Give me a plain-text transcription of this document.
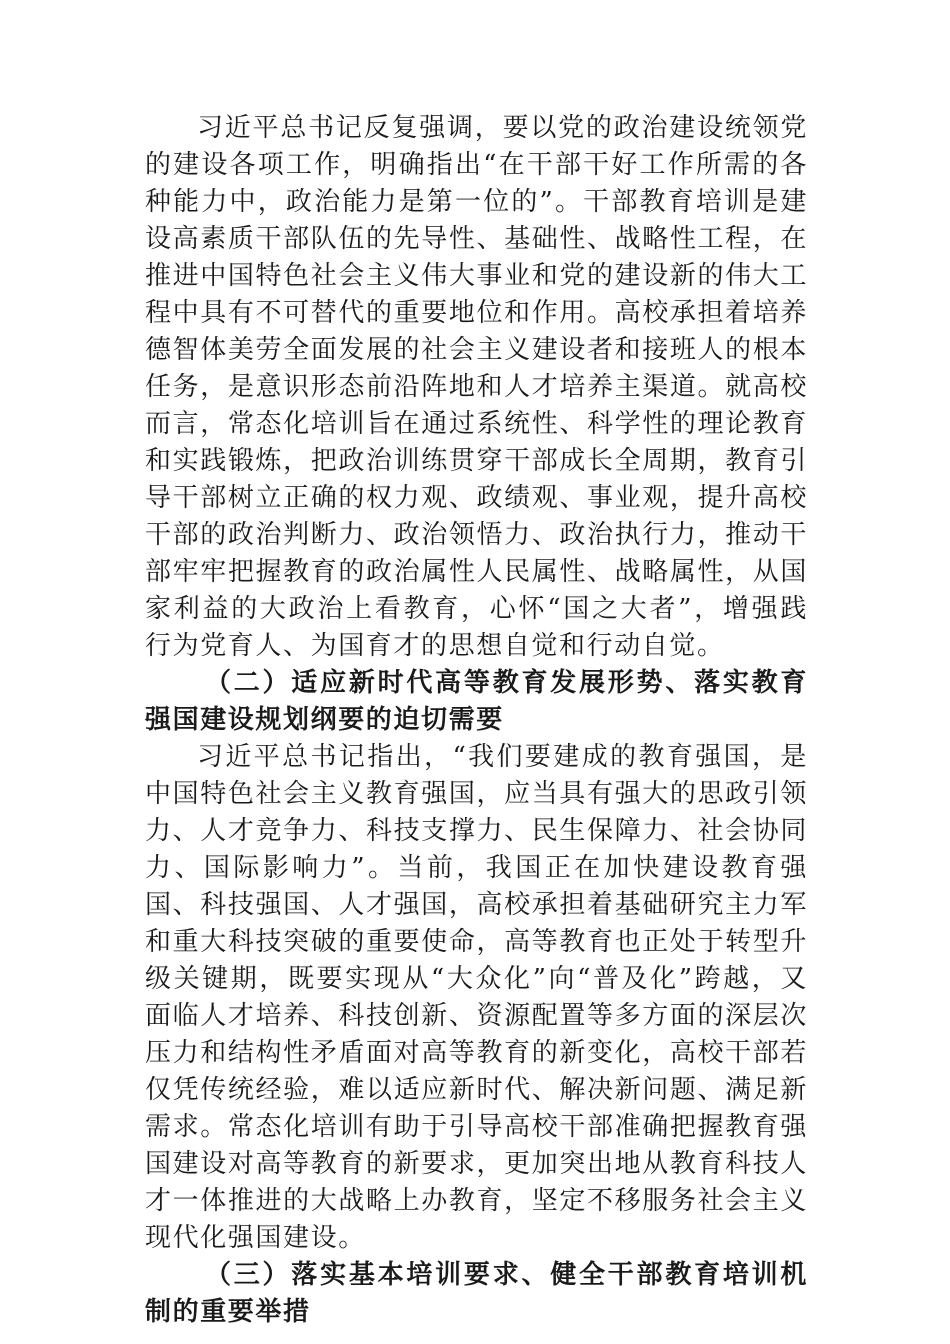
习近平总书记反复强调，要以党的政治建设统领党的建设各项工作，明确指出“在干部干好工作所需的各种能力中，政治能力是第一位的”。干部教育培训是建设高素质干部队伍的先导性、基础性、战略性工程，在推进中国特色社会主义伟大事业和党的建设新的伟大工程中具有不可替代的重要地位和作用。高校承担着培养德智体美劳全面发展的社会主义建设者和接班人的根本任务，是意识形态前沿阵地和人才培养主渠道。就高校而言，常态化培训旨在通过系统性、科学性的理论教育和实践锻炼，把政治训练贯穿干部成长全周期，教育引导干部树立正确的权力观、政绩观、事业观，提升高校干部的政治判断力、政治领悟力、政治执行力，推动干部牢牢把握教育的政治属性人民属性、战略属性，从国家利益的大政治上看教育，心怀“国之大者”，增强践行为党育人、为国育才的思想自觉和行动自觉。

（二）适应新时代高等教育发展形势、落实教育强国建设规划纲要的迫切需要

习近平总书记指出，“我们要建成的教育强国，是中国特色社会主义教育强国，应当具有强大的思政引领力、人才竞争力、科技支撑力、民生保障力、社会协同力、国际影响力”。当前，我国正在加快建设教育强国、科技强国、人才强国，高校承担着基础研究主力军和重大科技突破的重要使命，高等教育也正处于转型升级关键期，既要实现从“大众化”向“普及化”跨越，又面临人才培养、科技创新、资源配置等多方面的深层次压力和结构性矛盾面对高等教育的新变化，高校干部若仅凭传统经验，难以适应新时代、解决新问题、满足新需求。常态化培训有助于引导高校干部准确把握教育强国建设对高等教育的新要求，更加突出地从教育科技人才一体推进的大战略上办教育，坚定不移服务社会主义现代化强国建设。

（三）落实基本培训要求、健全干部教育培训机制的重要举措
